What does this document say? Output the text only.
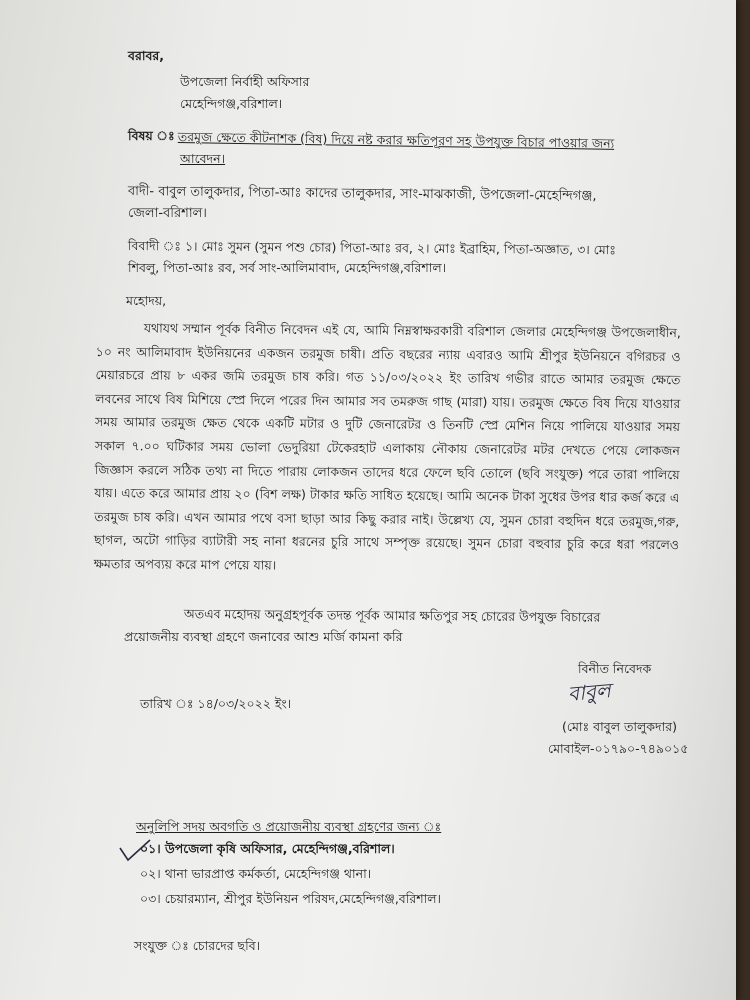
বরাবর,
উপজেলা নির্বাহী অফিসার
মেহেন্দিগঞ্জ,বরিশাল।
বিষয় ঃ তরমুজ ক্ষেতে কীটনাশক (বিষ) দিয়ে নষ্ট করার ক্ষতিপূরণ সহ উপযুক্ত বিচার পাওয়ার জন্য
আবেদন।
বাদী- বাবুল তালুকদার, পিতা-আঃ কাদের তালুকদার, সাং-মাঝকাজী, উপজেলা-মেহেন্দিগঞ্জ,
জেলা-বরিশাল।
বিবাদী ঃ ১। মোঃ সুমন (সুমন পশু চোর) পিতা-আঃ রব, ২। মোঃ ইব্রাহিম, পিতা-অজ্ঞাত, ৩। মোঃ
শিবলু, পিতা-আঃ রব, সর্ব সাং-আলিমাবাদ, মেহেন্দিগঞ্জ,বরিশাল।
মহোদয়,
যথাযথ সম্মান পূর্বক বিনীত নিবেদন এই যে, আমি নিম্নস্বাক্ষরকারী বরিশাল জেলার মেহেন্দিগঞ্জ উপজেলাধীন, ১০ নং আলিমাবাদ ইউনিয়নের একজন তরমুজ চাষী। প্রতি বছরের ন্যায় এবারও আমি শ্রীপুর ইউনিয়নে বগিরচর ও মেয়ারচরে প্রায় ৮ একর জমি তরমুজ চাষ করি। গত ১১/০৩/২০২২ ইং তারিখ গভীর রাতে আমার তরমুজ ক্ষেতে লবনের সাথে বিষ মিশিয়ে স্প্রে দিলে পরের দিন আমার সব তমরুজ গাছ (মারা) যায়। তরমুজ ক্ষেতে বিষ দিয়ে যাওয়ার সময় আমার তরমুজ ক্ষেত থেকে একটি মটার ও দুটি জেনারেটর ও তিনটি স্প্রে মেশিন নিয়ে পালিয়ে যাওয়ার সময় সকাল ৭.০০ ঘটিকার সময় ভোলা ভেদুরিয়া টেকেরহাট এলাকায় নৌকায় জেনারেটর মটর দেখতে পেয়ে লোকজন জিজ্ঞাস করলে সঠিক তথ্য না দিতে পারায় লোকজন তাদের ধরে ফেলে ছবি তোলে (ছবি সংযুক্ত) পরে তারা পালিয়ে যায়। এতে করে আমার প্রায় ২০ (বিশ লক্ষ) টাকার ক্ষতি সাধিত হয়েছে। আমি অনেক টাকা সুধের উপর ধার কর্জ করে এ তরমুজ চাষ করি। এখন আমার পথে বসা ছাড়া আর কিছু করার নাই। উল্লেখ্য যে, সুমন চোরা বহুদিন ধরে তরমুজ,গরু, ছাগল, অটো গাড়ির ব্যাটারী সহ নানা ধরনের চুরি সাথে সম্পৃক্ত রয়েছে। সুমন চোরা বহুবার চুরি করে ধরা পরলেও ক্ষমতার অপব্যয় করে মাপ পেয়ে যায়।
অতএব মহোদয় অনুগ্রহপূর্বক তদন্ত পূর্বক আমার ক্ষতিপুর সহ চোরের উপযুক্ত বিচারের
প্রয়োজনীয় ব্যবস্থা গ্রহণে জনাবের আশু মর্জি কামনা করি
বিনীত নিবেদক
তারিখ ঃ ১৪/০৩/২০২২ ইং।	বাবুল
(মোঃ বাবুল তালুকদার)
মোবাইল-০১৭৯০-৭৪৯০১৫
অনুলিপি সদয় অবগতি ও প্রয়োজনীয় ব্যবস্থা গ্রহণের জন্য ঃ
০১। উপজেলা কৃষি অফিসার, মেহেন্দিগঞ্জ,বরিশাল।
০২। থানা ভারপ্রাপ্ত কর্মকর্তা, মেহেন্দিগঞ্জ থানা।
০৩। চেয়ারম্যান, শ্রীপুর ইউনিয়ন পরিষদ,মেহেন্দিগঞ্জ,বরিশাল।
সংযুক্ত ঃ চোরদের ছবি।
